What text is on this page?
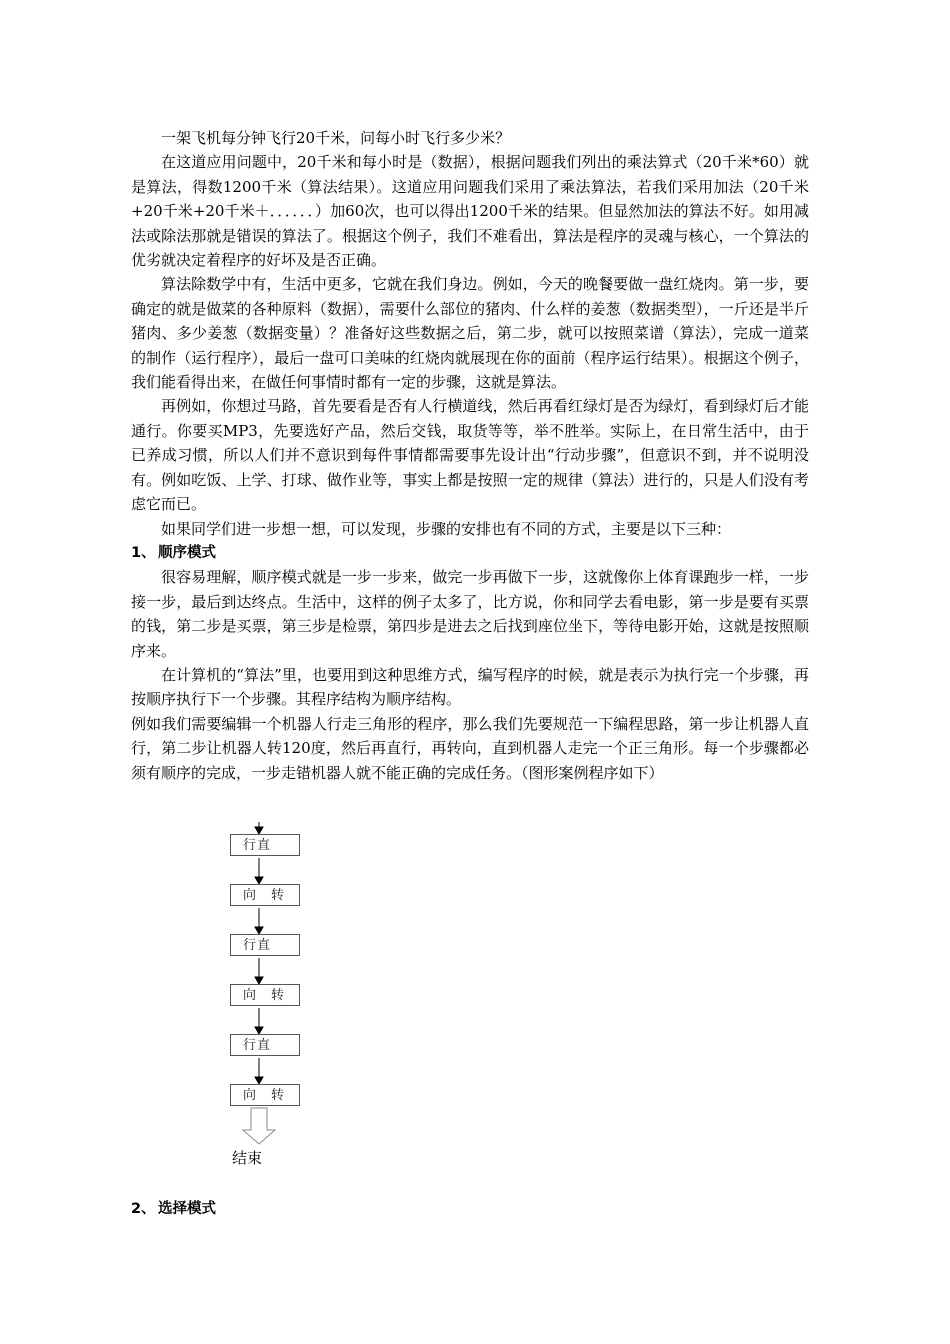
一架飞机每分钟飞行20千米，问每小时飞行多少米？

在这道应用问题中，20千米和每小时是（数据），根据问题我们列出的乘法算式（20千米*60）就是算法，得数1200千米（算法结果）。这道应用问题我们采用了乘法算法，若我们采用加法（20千米+20千米+20千米＋．．．．．．）加60次，也可以得出1200千米的结果。但显然加法的算法不好。如用减法或除法那就是错误的算法了。根据这个例子，我们不难看出，算法是程序的灵魂与核心，一个算法的优劣就决定着程序的好坏及是否正确。

算法除数学中有，生活中更多，它就在我们身边。例如，今天的晚餐要做一盘红烧肉。第一步，要确定的就是做菜的各种原料（数据），需要什么部位的猪肉、什么样的姜葱（数据类型），一斤还是半斤猪肉、多少姜葱（数据变量）？准备好这些数据之后，第二步，就可以按照菜谱（算法），完成一道菜的制作（运行程序），最后一盘可口美味的红烧肉就展现在你的面前（程序运行结果）。根据这个例子，我们能看得出来，在做任何事情时都有一定的步骤，这就是算法。

再例如，你想过马路，首先要看是否有人行横道线，然后再看红绿灯是否为绿灯，看到绿灯后才能通行。你要买MP3，先要选好产品，然后交钱，取货等等，举不胜举。实际上，在日常生活中，由于已养成习惯，所以人们并不意识到每件事情都需要事先设计出“行动步骤”，但意识不到，并不说明没有。例如吃饭、上学、打球、做作业等，事实上都是按照一定的规律（算法）进行的，只是人们没有考虑它而已。

如果同学们进一步想一想，可以发现，步骤的安排也有不同的方式，主要是以下三种：

1、 顺序模式

很容易理解，顺序模式就是一步一步来，做完一步再做下一步，这就像你上体育课跑步一样，一步接一步，最后到达终点。生活中，这样的例子太多了，比方说，你和同学去看电影，第一步是要有买票的钱，第二步是买票，第三步是检票，第四步是进去之后找到座位坐下，等待电影开始，这就是按照顺序来。

在计算机的“算法”里，也要用到这种思维方式，编写程序的时候，就是表示为执行完一个步骤，再按顺序执行下一个步骤。其程序结构为顺序结构。

例如我们需要编辑一个机器人行走三角形的程序，那么我们先要规范一下编程思路，第一步让机器人直行，第二步让机器人转120度，然后再直行，再转向，直到机器人走完一个正三角形。每一个步骤都必须有顺序的完成，一步走错机器人就不能正确的完成任务。（图形案例程序如下）

行直
向　转
行直
向　转
行直
向　转
结束

2、 选择模式
